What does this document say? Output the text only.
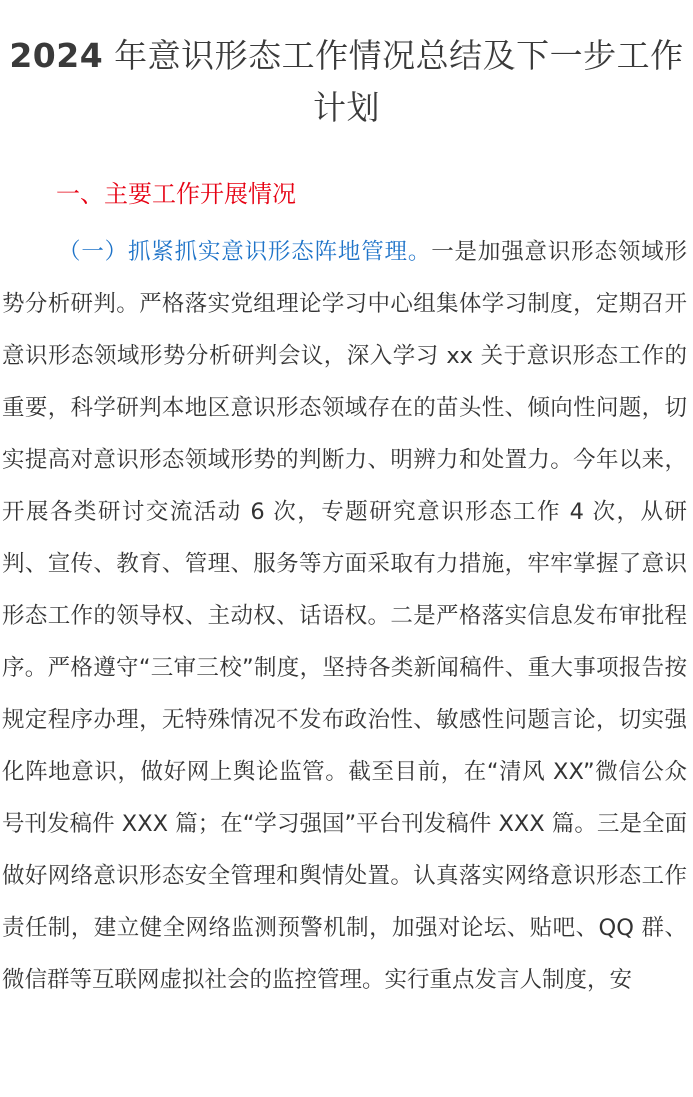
2024 年意识形态工作情况总结及下一步工作计划
一、主要工作开展情况

（一）抓紧抓实意识形态阵地管理。一是加强意识形态领域形势分析研判。严格落实党组理论学习中心组集体学习制度，定期召开意识形态领域形势分析研判会议，深入学习 xx 关于意识形态工作的重要，科学研判本地区意识形态领域存在的苗头性、倾向性问题，切实提高对意识形态领域形势的判断力、明辨力和处置力。今年以来，开展各类研讨交流活动 6 次，专题研究意识形态工作 4 次，从研判、宣传、教育、管理、服务等方面采取有力措施，牢牢掌握了意识形态工作的领导权、主动权、话语权。二是严格落实信息发布审批程序。严格遵守“三审三校”制度，坚持各类新闻稿件、重大事项报告按规定程序办理，无特殊情况不发布政治性、敏感性问题言论，切实强化阵地意识，做好网上舆论监管。截至目前，在“清风 XX”微信公众号刊发稿件 XXX 篇；在“学习强国”平台刊发稿件 XXX 篇。三是全面做好网络意识形态安全管理和舆情处置。认真落实网络意识形态工作责任制，建立健全网络监测预警机制，加强对论坛、贴吧、QQ 群、微信群等互联网虚拟社会的监控管理。实行重点发言人制度，安
